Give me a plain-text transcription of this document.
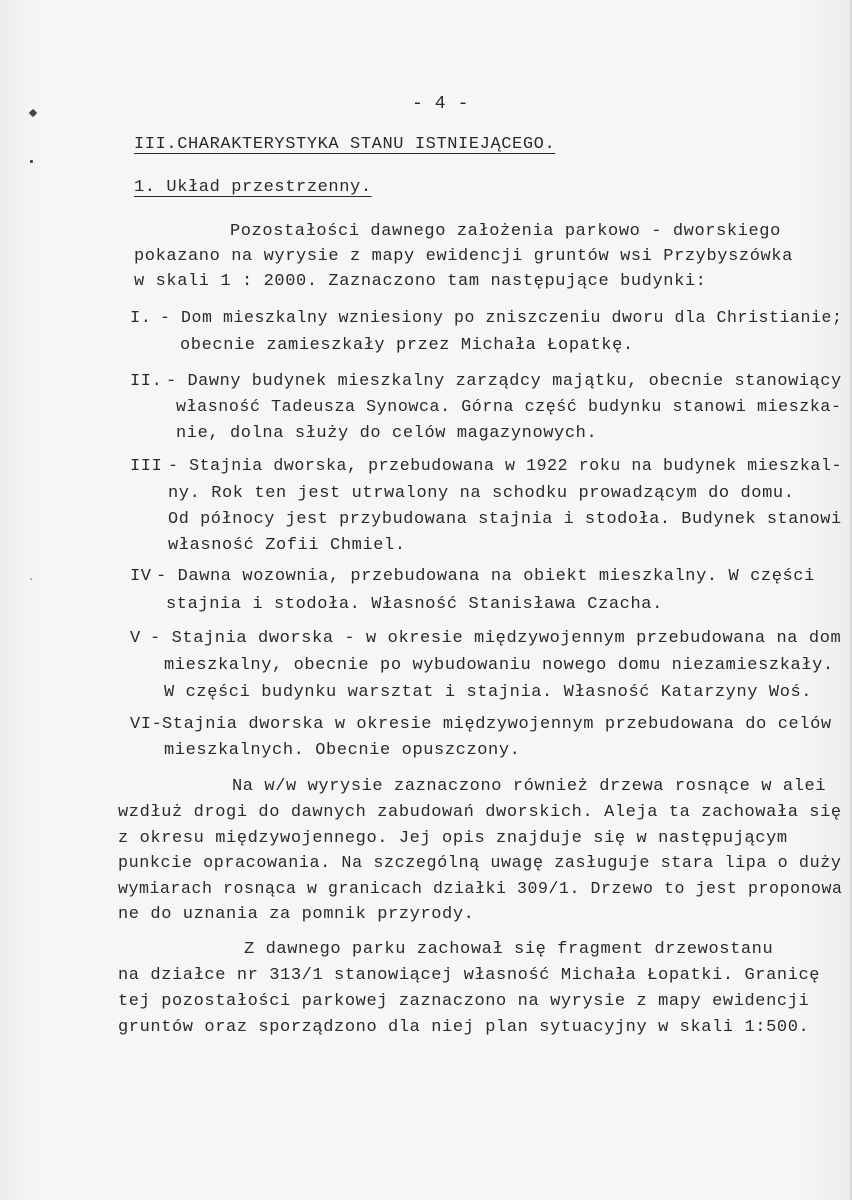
- 4 -
III.CHARAKTERYSTYKA STANU ISTNIEJĄCEGO.
1. Układ przestrzenny.
Pozostałości dawnego założenia parkowo - dworskiego
pokazano na wyrysie z mapy ewidencji gruntów wsi Przybyszówka
w skali 1 : 2000. Zaznaczono tam następujące budynki:
I. - Dom mieszkalny wzniesiony po zniszczeniu dworu dla Christianie;
obecnie zamieszkały przez Michała Łopatkę.
II. - Dawny budynek mieszkalny zarządcy majątku, obecnie stanowiący
własność Tadeusza Synowca. Górna część budynku stanowi mieszka-
nie, dolna służy do celów magazynowych.
III - Stajnia dworska, przebudowana w 1922 roku na budynek mieszkal-
ny. Rok ten jest utrwalony na schodku prowadzącym do domu.
Od północy jest przybudowana stajnia i stodoła. Budynek stanowi
własność Zofii Chmiel.
IV - Dawna wozownia, przebudowana na obiekt mieszkalny. W części
stajnia i stodoła. Własność Stanisława Czacha.
V - Stajnia dworska - w okresie międzywojennym przebudowana na dom
mieszkalny, obecnie po wybudowaniu nowego domu niezamieszkały.
W części budynku warsztat i stajnia. Własność Katarzyny Woś.
VI- Stajnia dworska w okresie międzywojennym przebudowana do celów
mieszkalnych. Obecnie opuszczony.
Na w/w wyrysie zaznaczono również drzewa rosnące w alei
wzdłuż drogi do dawnych zabudowań dworskich. Aleja ta zachowała się
z okresu międzywojennego. Jej opis znajduje się w następującym
punkcie opracowania. Na szczególną uwagę zasługuje stara lipa o duży
wymiarach rosnąca w granicach działki 309/1. Drzewo to jest proponowa
ne do uznania za pomnik przyrody.
Z dawnego parku zachował się fragment drzewostanu
na działce nr 313/1 stanowiącej własność Michała Łopatki. Granicę
tej pozostałości parkowej zaznaczono na wyrysie z mapy ewidencji
gruntów oraz sporządzono dla niej plan sytuacyjny w skali 1:500.
